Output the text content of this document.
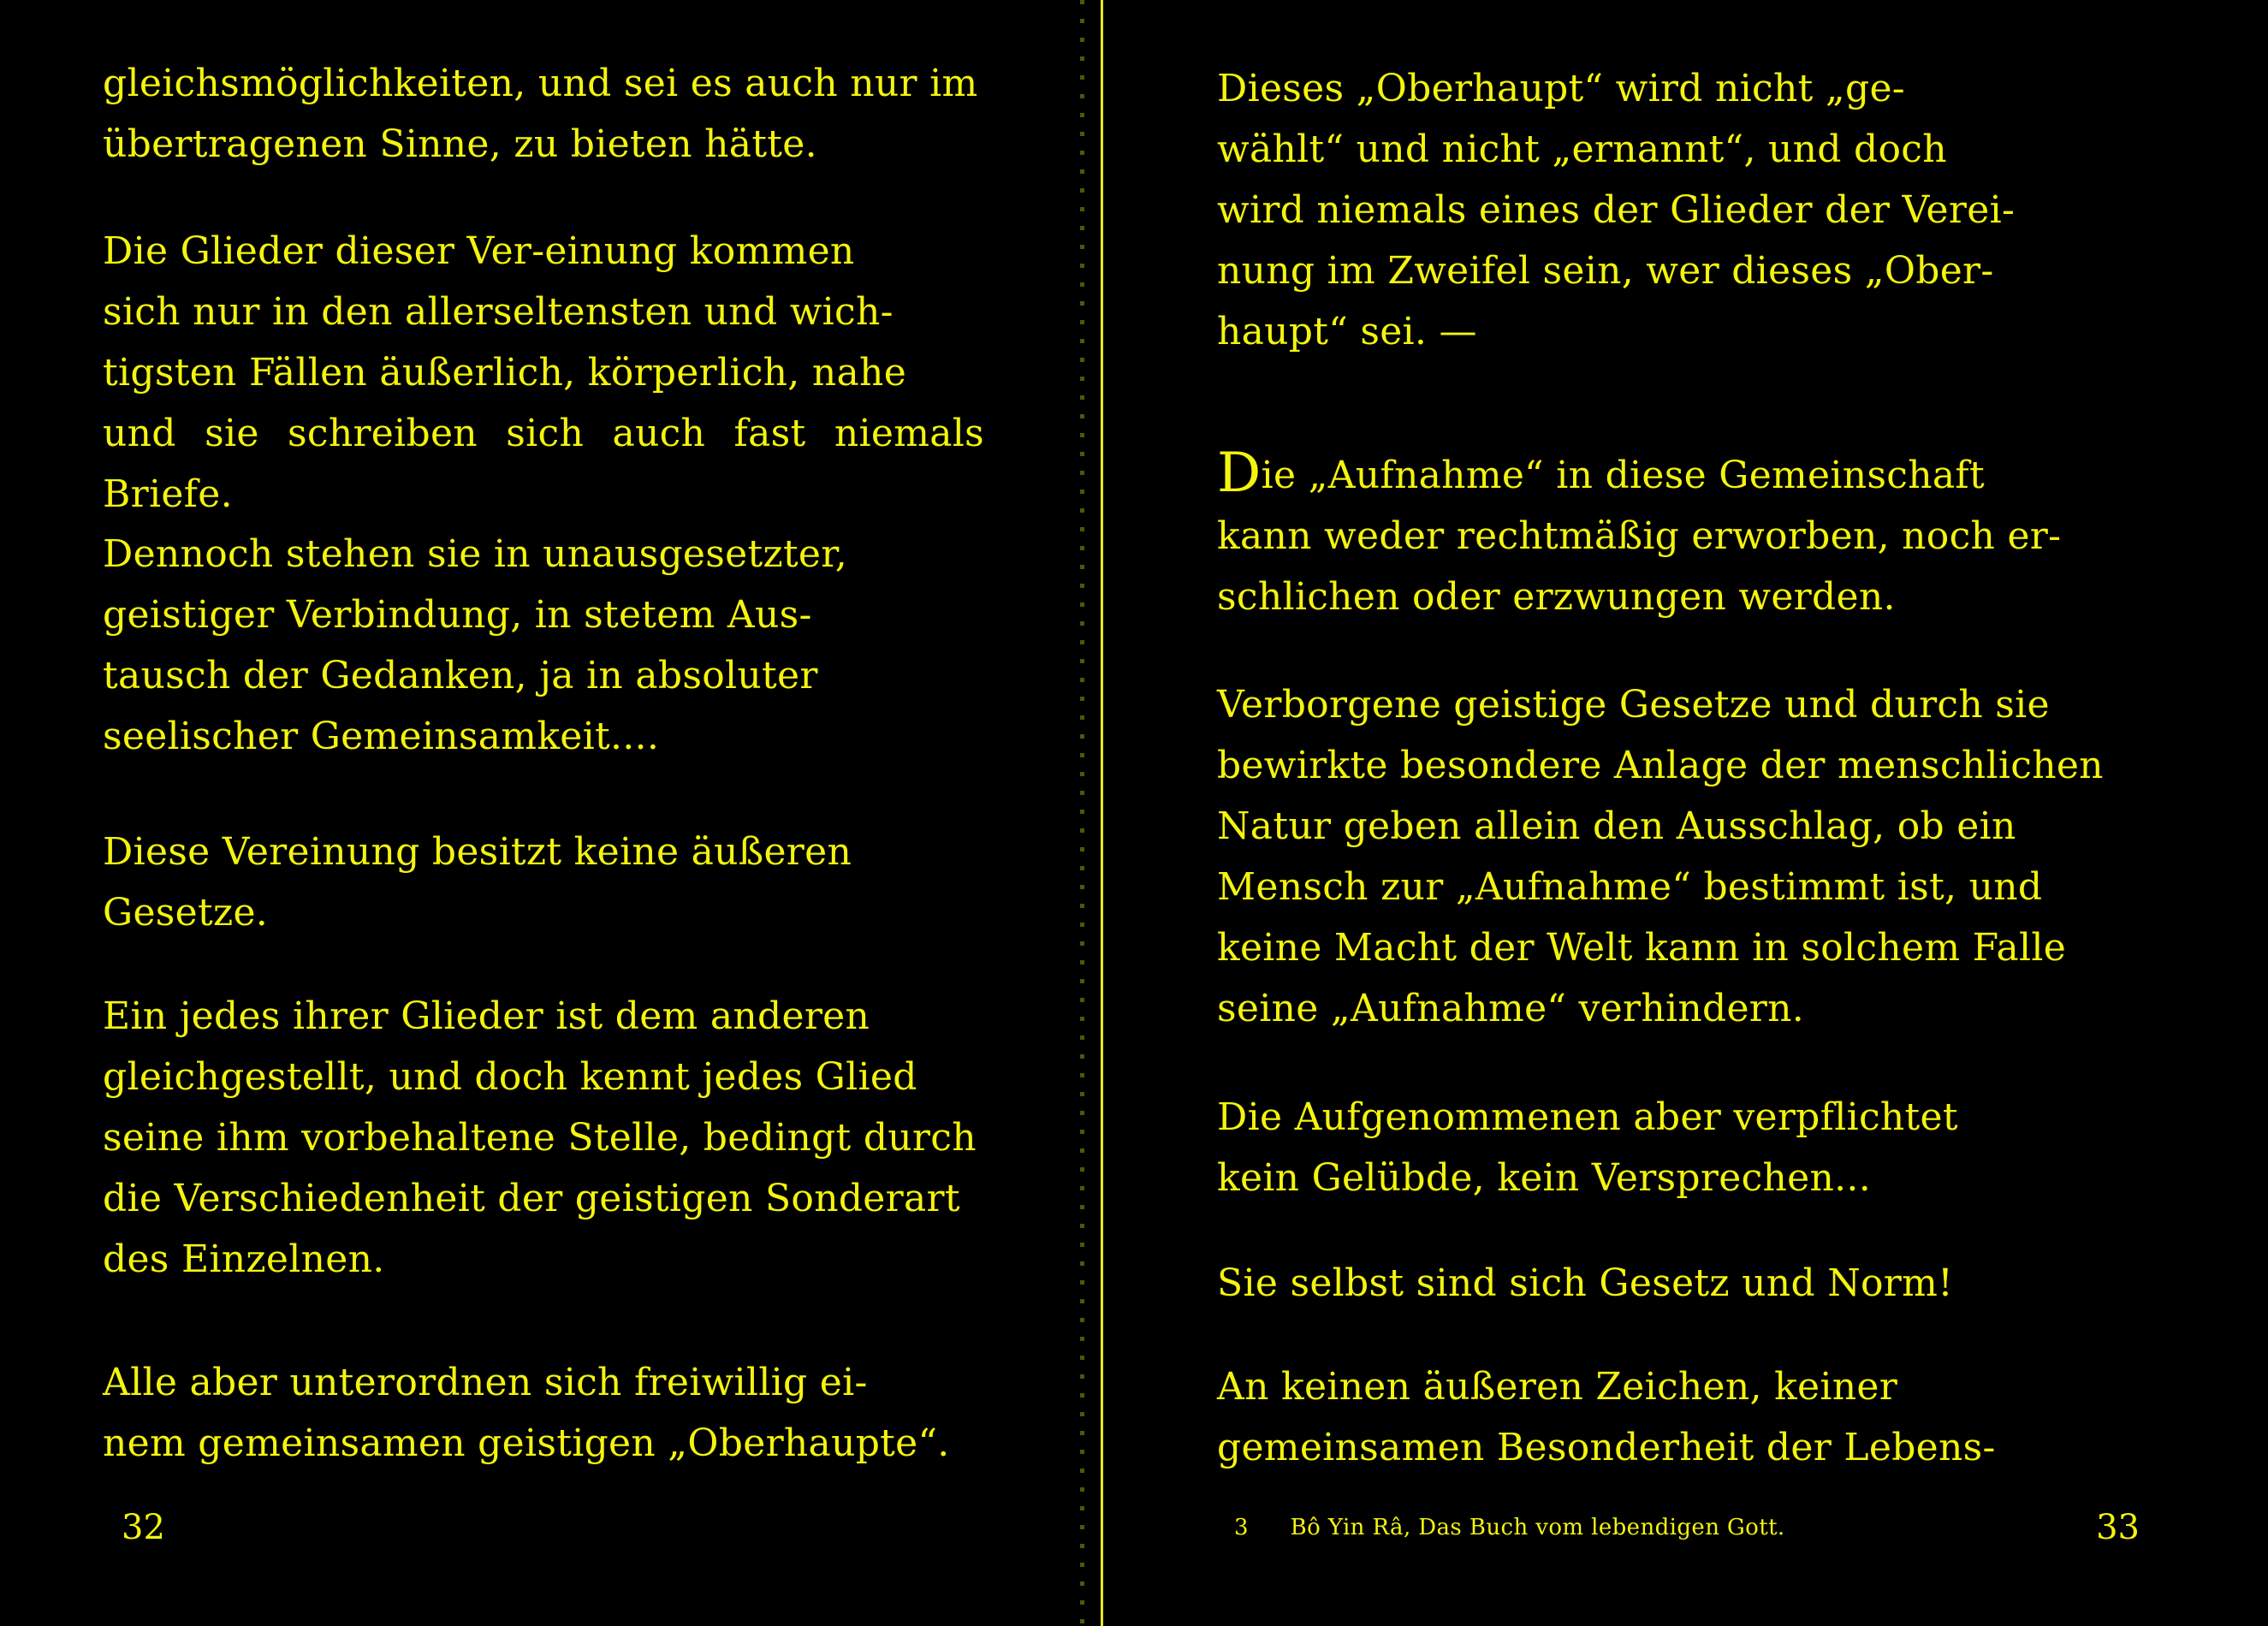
gleichsmöglichkeiten, und sei es auch nur im
übertragenen Sinne, zu bieten hätte.

Die Glieder dieser Ver-einung kommen
sich nur in den allerseltensten und wich-
tigsten Fällen äußerlich, körperlich, nahe
und sie schreiben sich auch fast niemals Briefe.

Dennoch stehen sie in unausgesetzter,
geistiger Verbindung, in stetem Aus-
tausch der Gedanken, ja in absoluter
seelischer Gemeinsamkeit....

Diese Vereinung besitzt keine äußeren
Gesetze.

Ein jedes ihrer Glieder ist dem anderen
gleichgestellt, und doch kennt jedes Glied
seine ihm vorbehaltene Stelle, bedingt durch
die Verschiedenheit der geistigen Sonderart
des Einzelnen.

Alle aber unterordnen sich freiwillig ei-
nem gemeinsamen geistigen „Oberhaupte“.

32

Dieses „Oberhaupt“ wird nicht „ge-
wählt“ und nicht „ernannt“, und doch
wird niemals eines der Glieder der Verei-
nung im Zweifel sein, wer dieses „Ober-
haupt“ sei. —

Die „Aufnahme“ in diese Gemeinschaft
kann weder rechtmäßig erworben, noch er-
schlichen oder erzwungen werden.

Verborgene geistige Gesetze und durch sie
bewirkte besondere Anlage der menschlichen
Natur geben allein den Ausschlag, ob ein
Mensch zur „Aufnahme“ bestimmt ist, und
keine Macht der Welt kann in solchem Falle
seine „Aufnahme“ verhindern.

Die Aufgenommenen aber verpflichtet
kein Gelübde, kein Versprechen...

Sie selbst sind sich Gesetz und Norm!

An keinen äußeren Zeichen, keiner
gemeinsamen Besonderheit der Lebens-

3 Bô Yin Râ, Das Buch vom lebendigen Gott.	33
